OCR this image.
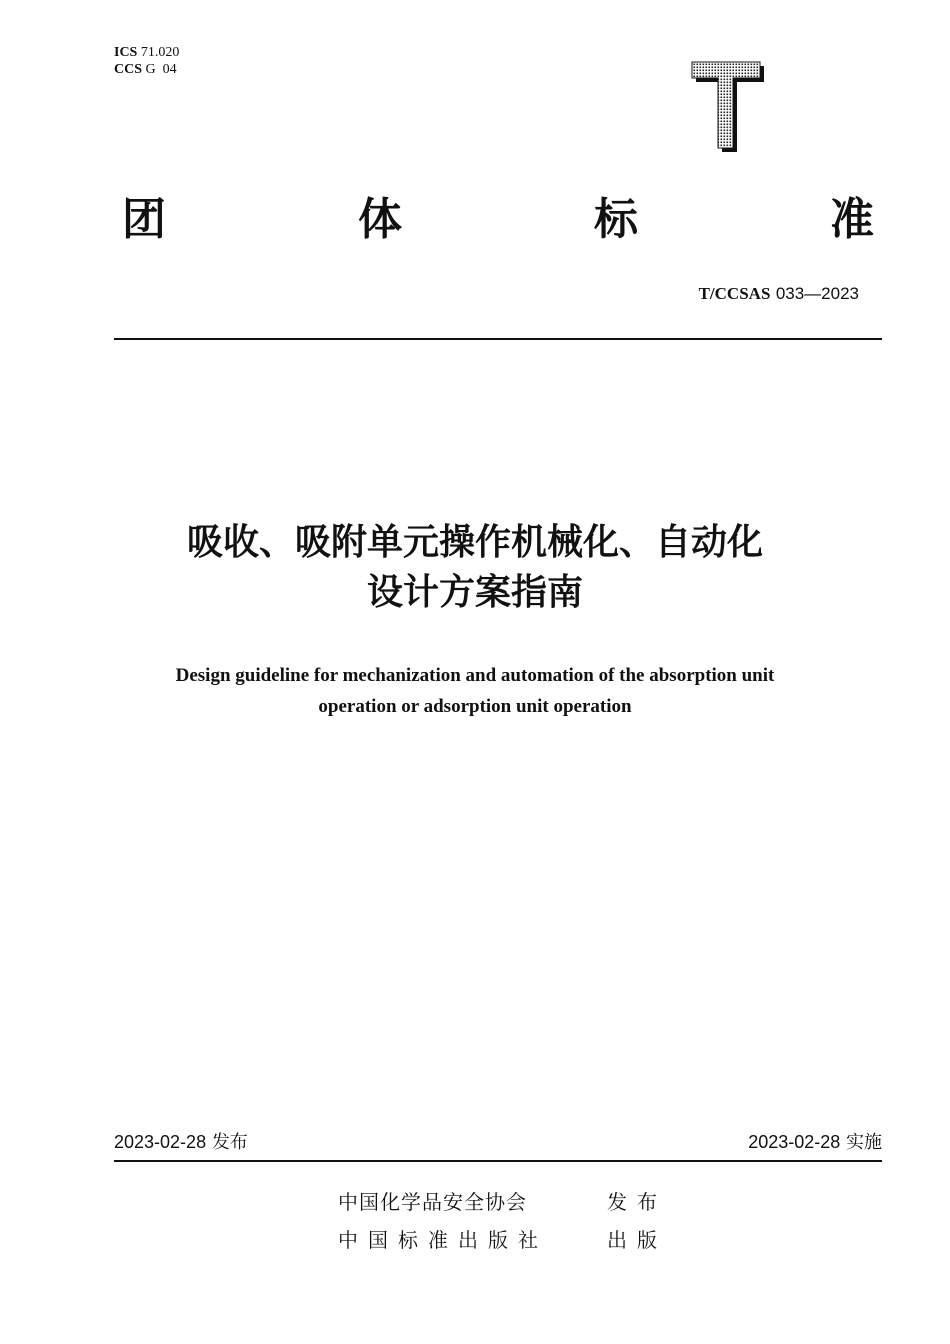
ICS 71.020
CCS G  04
T
团	体	标	准
T/CCSAS 033—2023
吸收、吸附单元操作机械化、自动化
设计方案指南
Design guideline for mechanization and automation of the absorption unit
operation or adsorption unit operation
2023-02-28 发布	2023-02-28 实施
中国化学品安全协会	发布
中国标准出版社	出版
